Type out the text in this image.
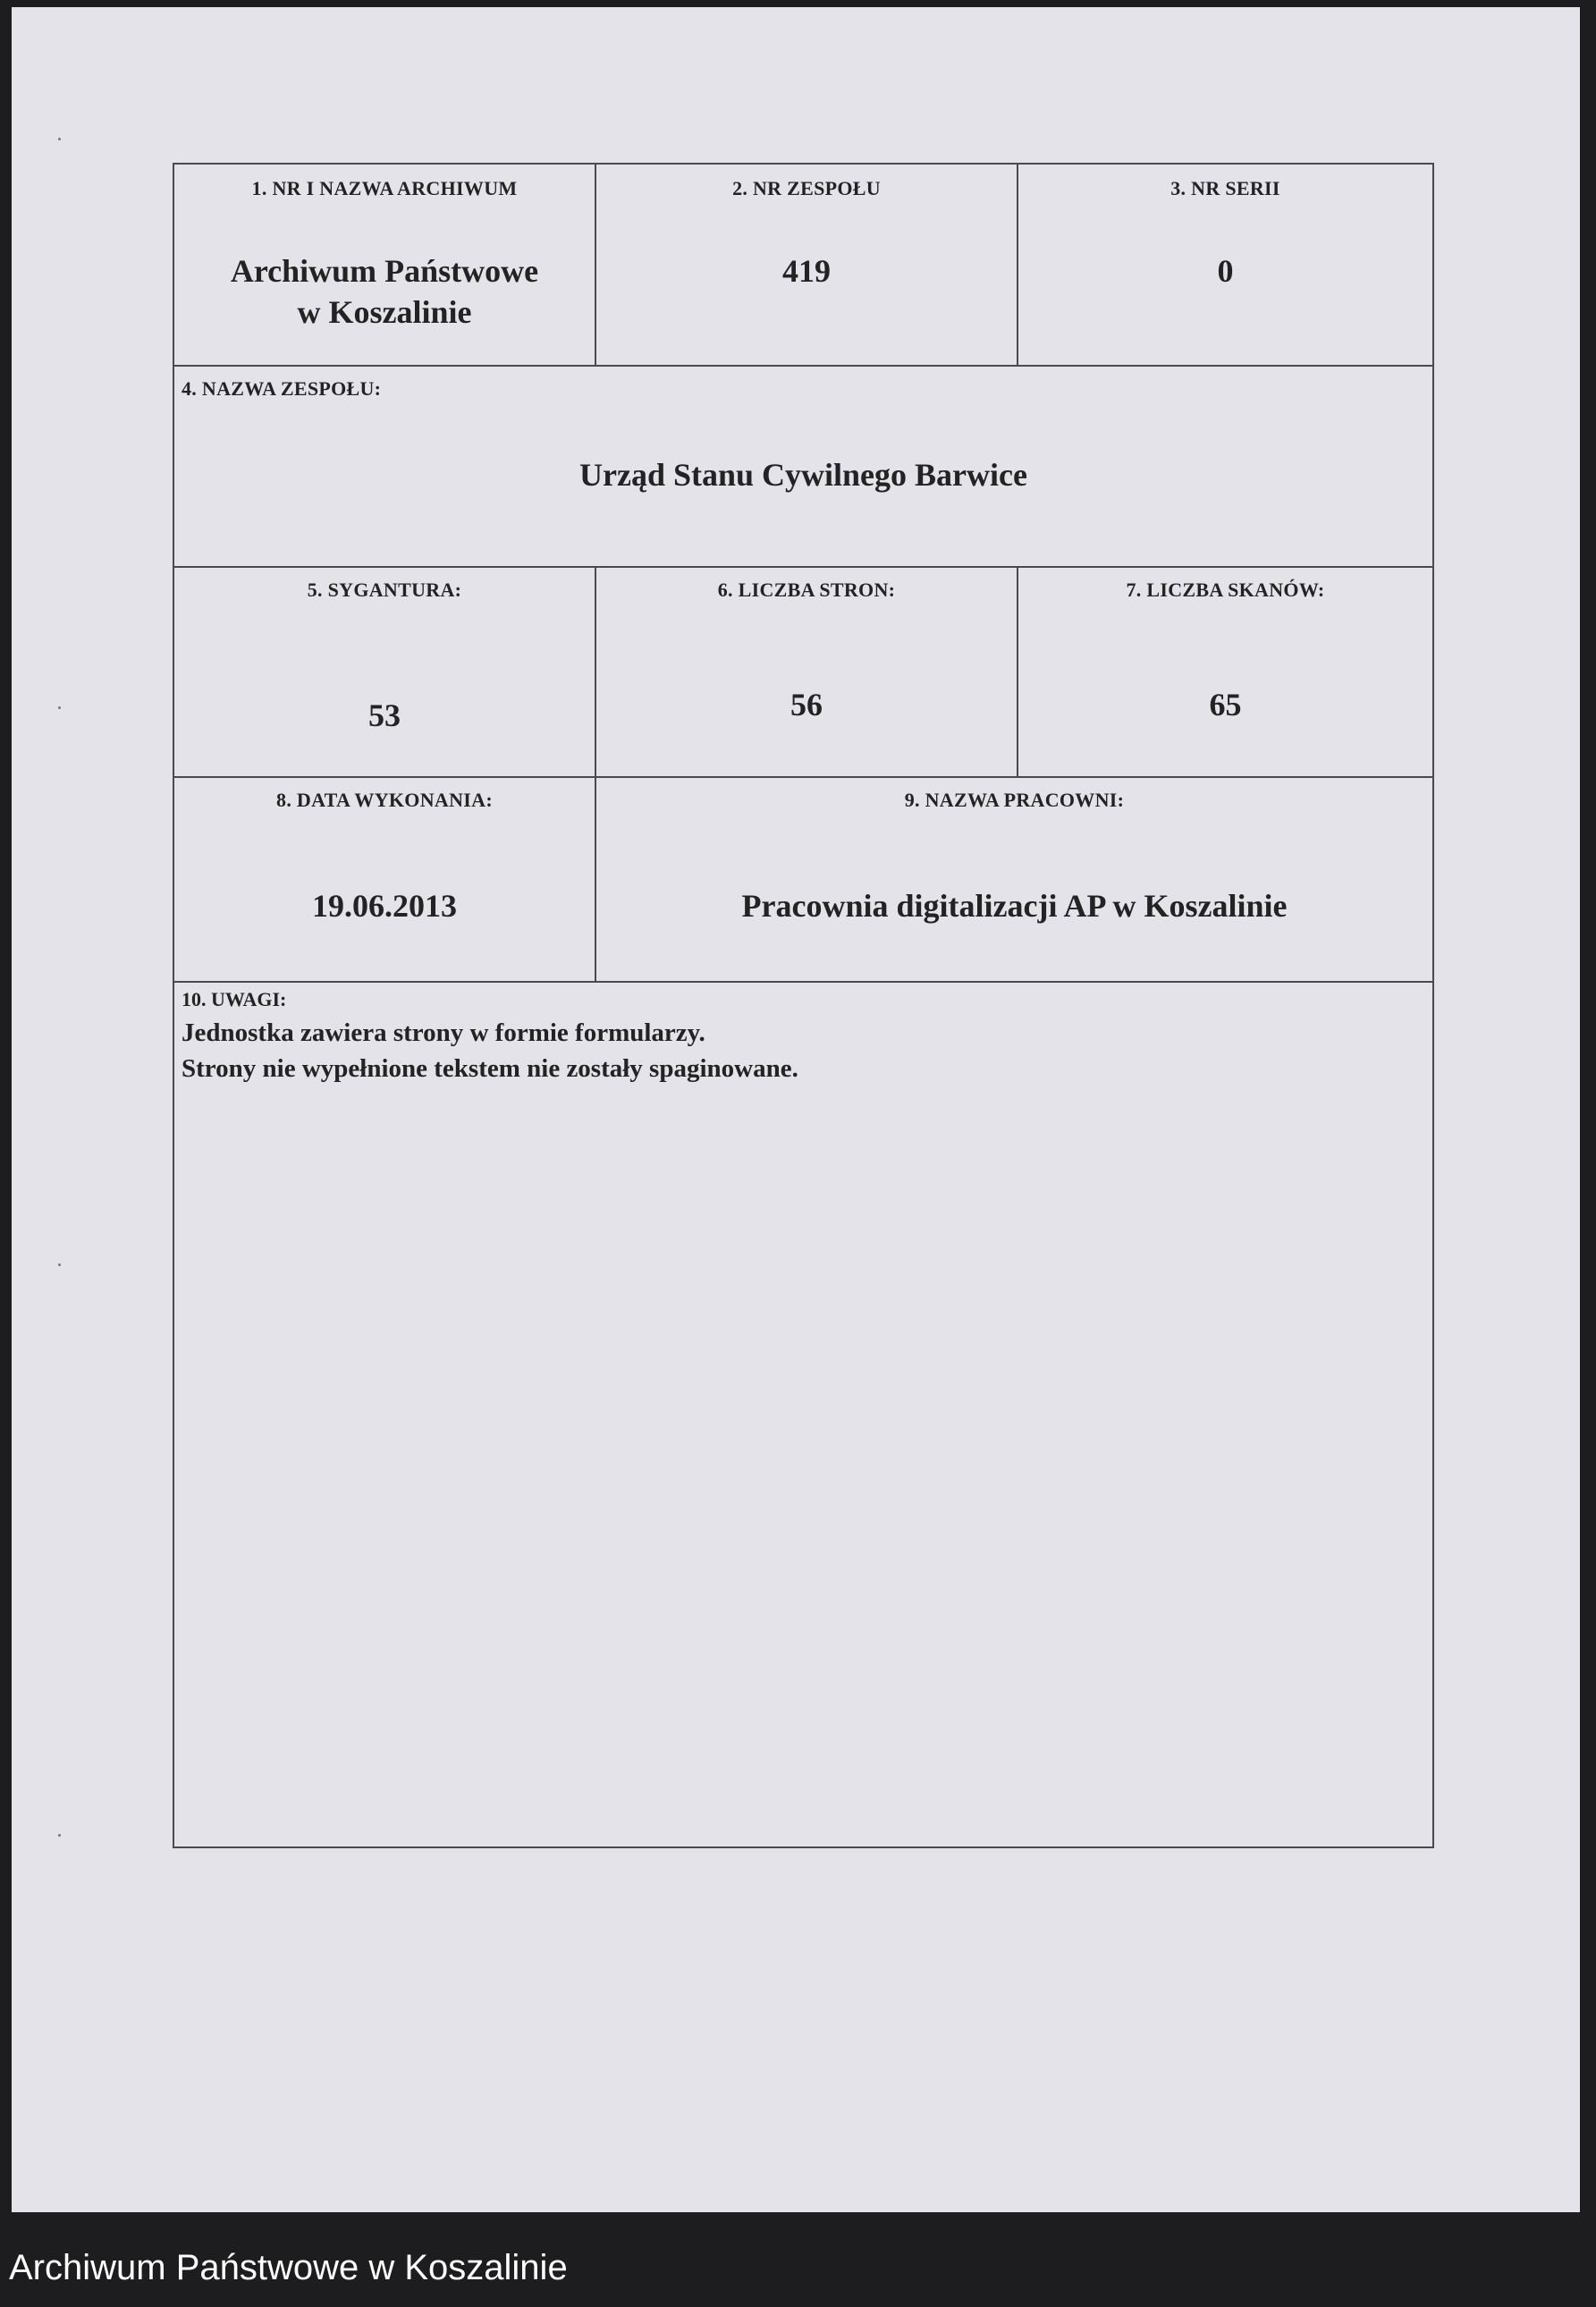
1. NR I NAZWA ARCHIWUM
Archiwum Państwowe
w Koszalinie
2. NR ZESPOŁU
419
3. NR SERII
0
4. NAZWA ZESPOŁU:
Urząd Stanu Cywilnego Barwice
5. SYGANTURA:
53
6. LICZBA STRON:
56
7. LICZBA SKANÓW:
65
8. DATA WYKONANIA:
19.06.2013
9. NAZWA PRACOWNI:
Pracownia digitalizacji AP w Koszalinie
10. UWAGI:
Jednostka zawiera strony w formie formularzy.
Strony nie wypełnione tekstem nie zostały spaginowane.
Archiwum Państwowe w Koszalinie
